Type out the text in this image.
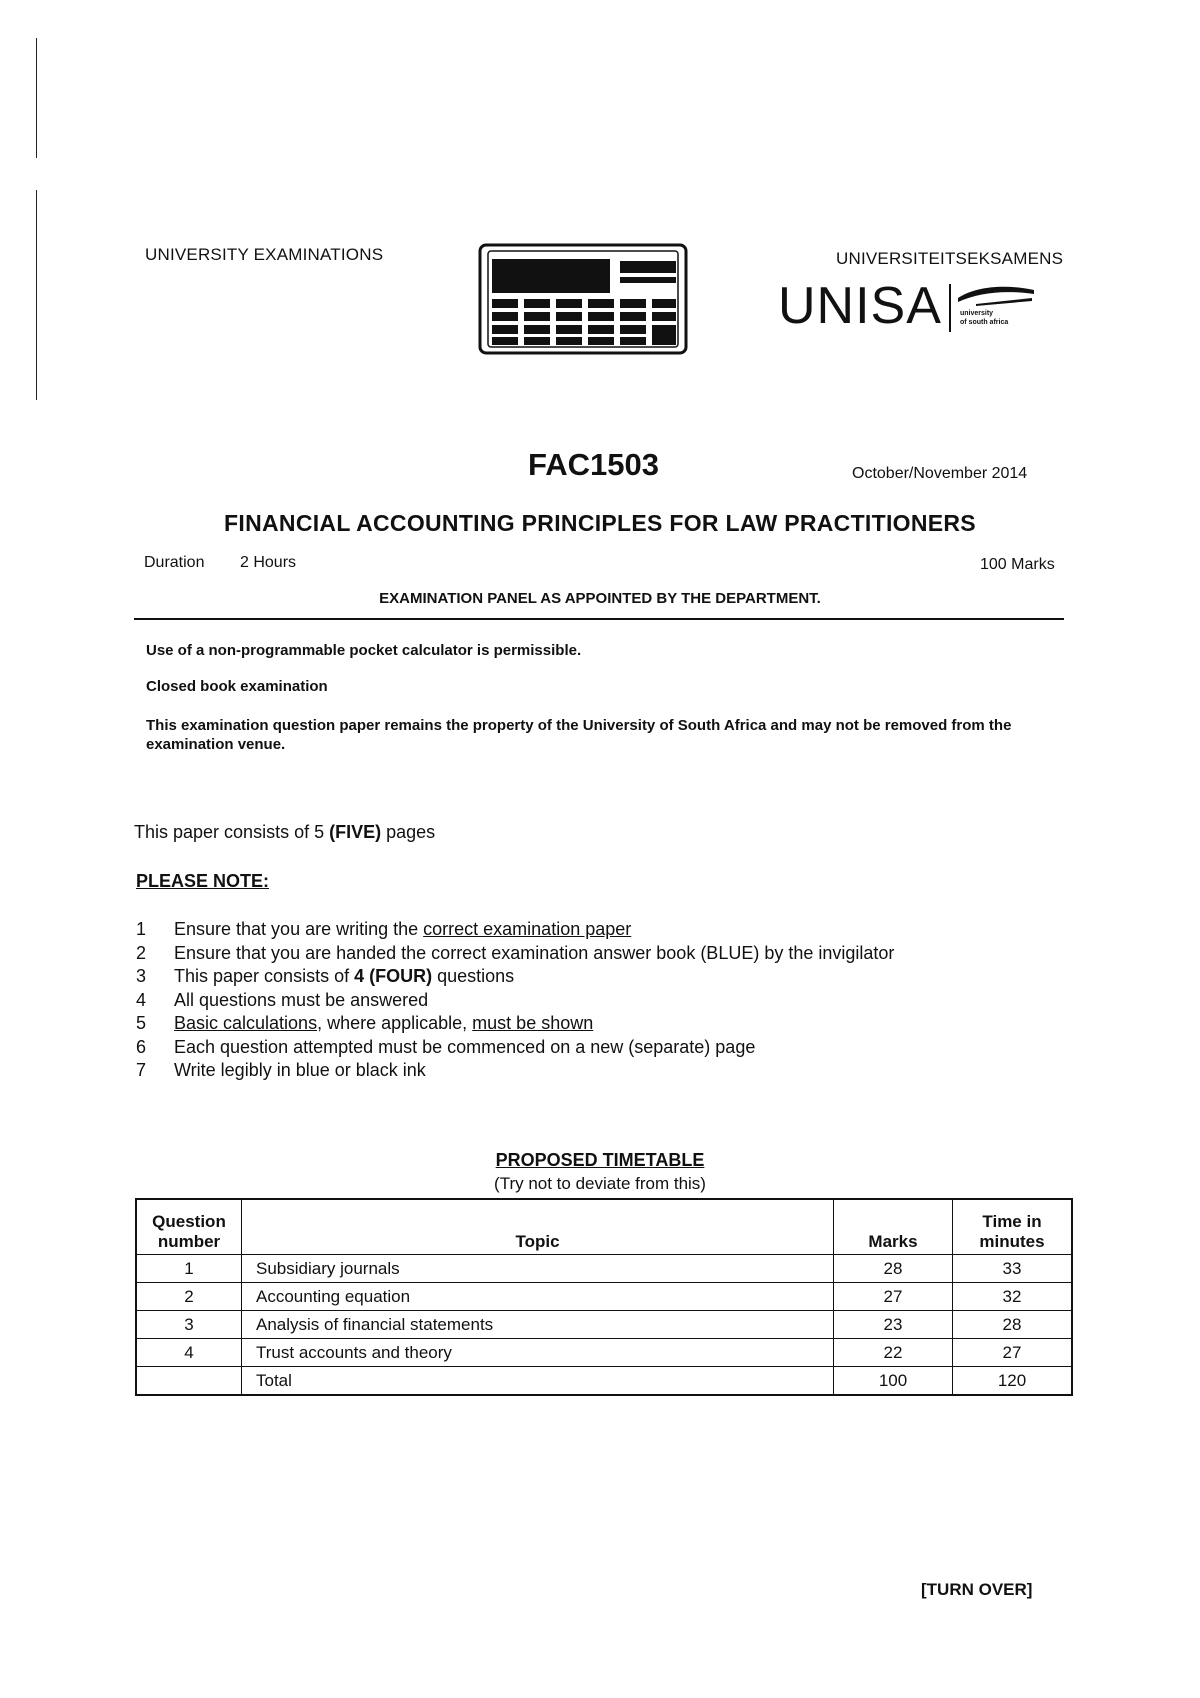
UNIVERSITY EXAMINATIONS	UNIVERSITEITSEKSAMENS
UNISA	university
of south africa
FAC1503	October/November 2014
FINANCIAL ACCOUNTING PRINCIPLES FOR LAW PRACTITIONERS
Duration 2 Hours	100 Marks
EXAMINATION PANEL AS APPOINTED BY THE DEPARTMENT.
Use of a non-programmable pocket calculator is permissible.
Closed book examination
This examination question paper remains the property of the University of South Africa and may not be removed from the examination venue.
This paper consists of 5 (FIVE) pages
PLEASE NOTE:
1	Ensure that you are writing the correct examination paper
2	Ensure that you are handed the correct examination answer book (BLUE) by the invigilator
3	This paper consists of 4 (FOUR) questions
4	All questions must be answered
5	Basic calculations, where applicable, must be shown
6	Each question attempted must be commenced on a new (separate) page
7	Write legibly in blue or black ink
PROPOSED TIMETABLE
(Try not to deviate from this)
Question
number	Topic	Marks	Time in
minutes
1	Subsidiary journals	28	33
2	Accounting equation	27	32
3	Analysis of financial statements	23	28
4	Trust accounts and theory	22	27
	Total	100	120
[TURN OVER]
